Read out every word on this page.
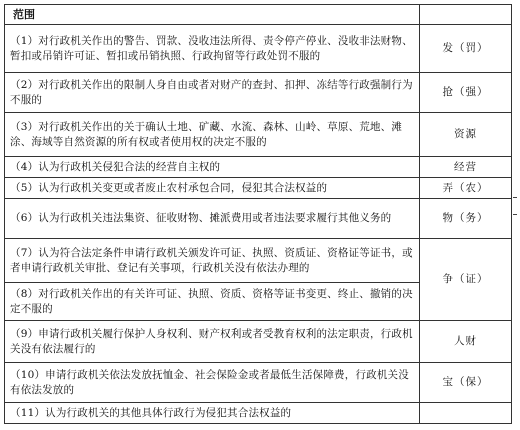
范围	
（1）对行政机关作出的警告、罚款、没收违法所得、责令停产停业、没收非法财物、暂扣或吊销许可证、暂扣或吊销执照、行政拘留等行政处罚不服的	发（罚）
（2）对行政机关作出的限制人身自由或者对财产的查封、扣押、冻结等行政强制行为不服的	抢（强）
（3）对行政机关作出的关于确认土地、矿藏、水流、森林、山岭、草原、荒地、滩涂、海域等自然资源的所有权或者使用权的决定不服的	资源
（4）认为行政机关侵犯合法的经营自主权的	经营
（5）认为行政机关变更或者废止农村承包合同，侵犯其合法权益的	弄（农）
（6）认为行政机关违法集资、征收财物、摊派费用或者违法要求履行其他义务的	物（务）
（7）认为符合法定条件申请行政机关颁发许可证、执照、资质证、资格证等证书，或者申请行政机关审批、登记有关事项，行政机关没有依法办理的	争（证）
（8）对行政机关作出的有关许可证、执照、资质、资格等证书变更、终止、撤销的决定不服的	
（9）申请行政机关履行保护人身权利、财产权利或者受教育权利的法定职责，行政机关没有依法履行的	人财
（10）申请行政机关依法发放抚恤金、社会保险金或者最低生活保障费，行政机关没有依法发放的	宝（保）
（11）认为行政机关的其他具体行政行为侵犯其合法权益的	
